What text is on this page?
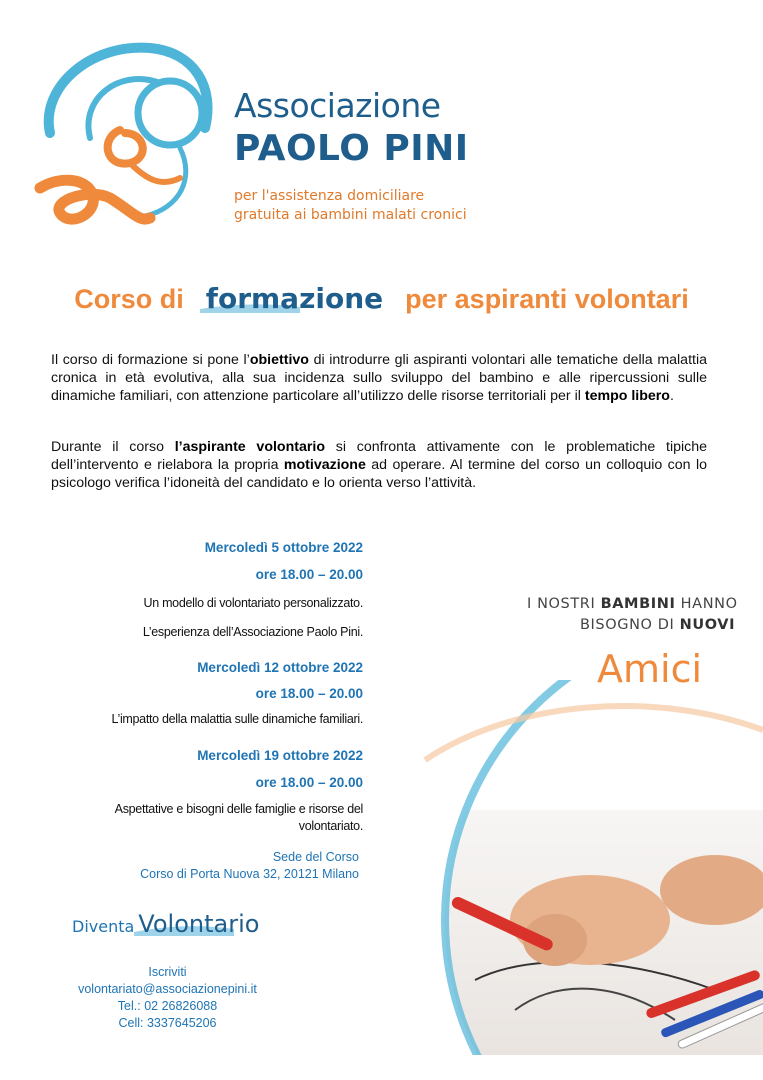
Associazione
PAOLO PINI
per l'assistenza domiciliare
gratuita ai bambini malati cronici
Corso di formazione per aspiranti volontari
Il corso di formazione si pone l’obiettivo di introdurre gli aspiranti volontari alle tematiche della malattia cronica in età evolutiva, alla sua incidenza sullo sviluppo del bambino e alle ripercussioni sulle dinamiche familiari, con attenzione particolare all’utilizzo delle risorse territoriali per il tempo libero.
Durante il corso l’aspirante volontario si confronta attivamente con le problematiche tipiche dell’intervento e rielabora la propria motivazione ad operare. Al termine del corso un colloquio con lo psicologo verifica l’idoneità del candidato e lo orienta verso l’attività.
Mercoledì 5 ottobre 2022
ore 18.00 – 20.00
Un modello di volontariato personalizzato.
L’esperienza dell’Associazione Paolo Pini.
Mercoledì 12 ottobre 2022
ore 18.00 – 20.00
L’impatto della malattia sulle dinamiche familiari.
Mercoledì 19 ottobre 2022
ore 18.00 – 20.00
Aspettative e bisogni delle famiglie e risorse del
volontariato.
Sede del Corso
Corso di Porta Nuova 32, 20121 Milano
I NOSTRI BAMBINI HANNO
BISOGNO DI NUOVI
Amici
Diventa Volontario
Iscriviti
volontariato@associazionepini.it
Tel.: 02 26826088
Cell: 3337645206
